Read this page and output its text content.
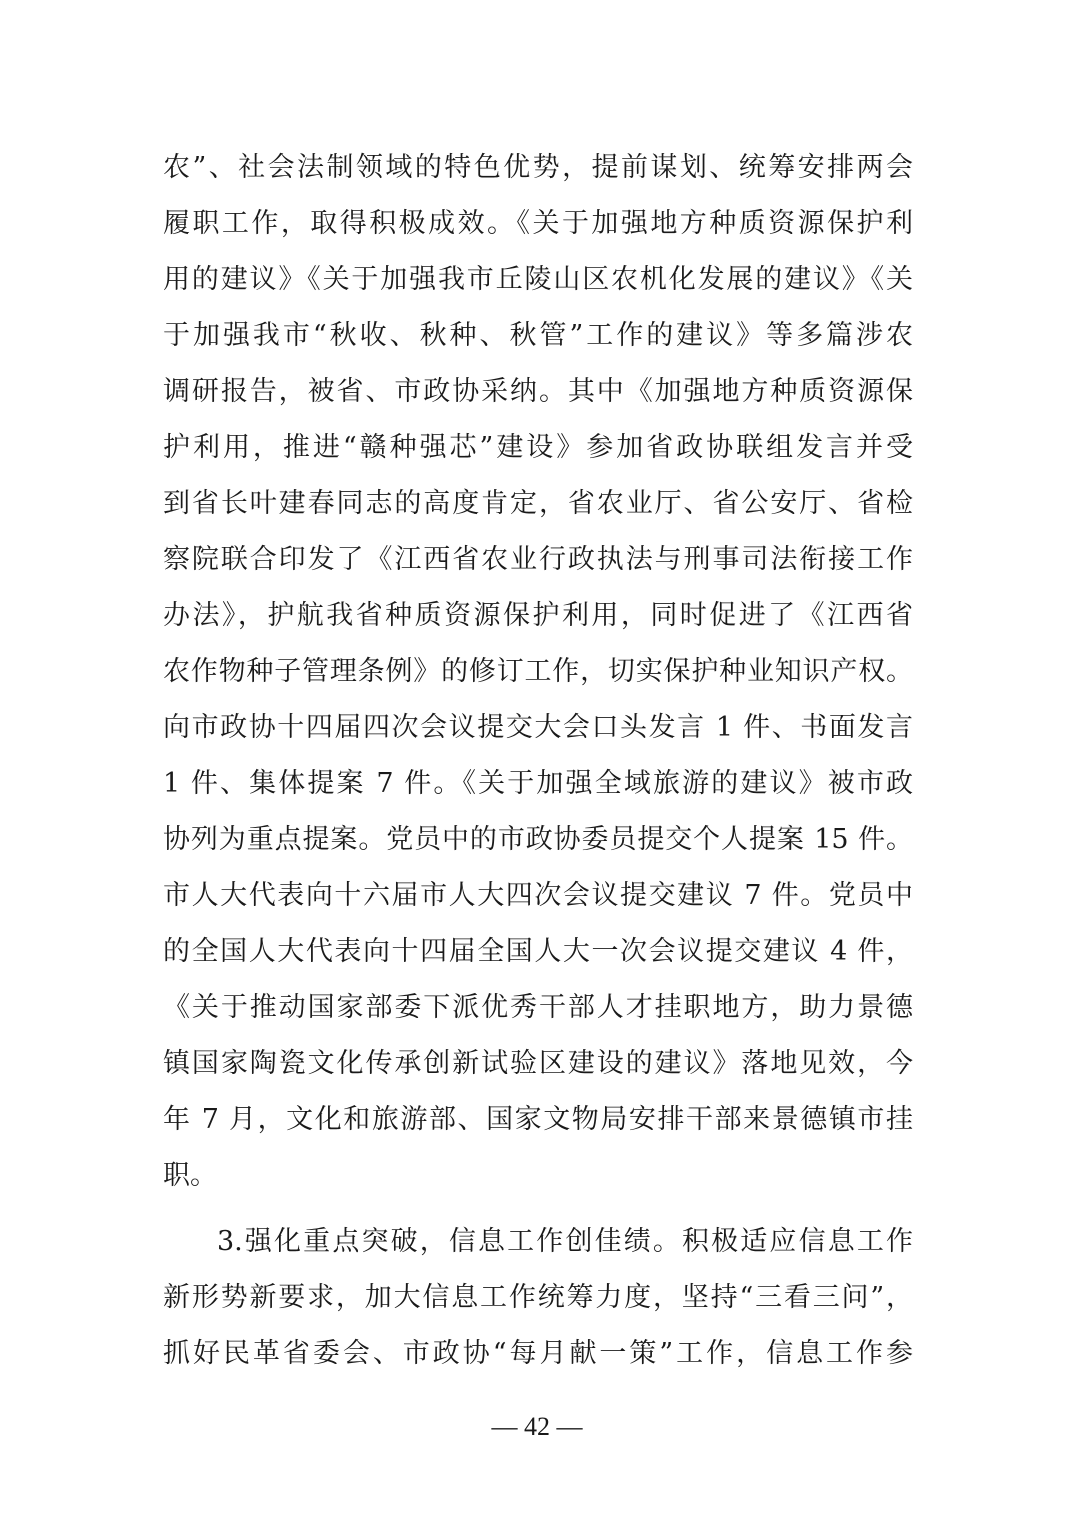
农”、社会法制领域的特色优势，提前谋划、统筹安排两会
履职工作，取得积极成效。《关于加强地方种质资源保护利
用的建议》《关于加强我市丘陵山区农机化发展的建议》《关
于加强我市“秋收、秋种、秋管”工作的建议》等多篇涉农
调研报告，被省、市政协采纳。其中《加强地方种质资源保
护利用，推进“赣种强芯”建设》参加省政协联组发言并受
到省长叶建春同志的高度肯定，省农业厅、省公安厅、省检
察院联合印发了《江西省农业行政执法与刑事司法衔接工作
办法》，护航我省种质资源保护利用，同时促进了《江西省
农作物种子管理条例》的修订工作，切实保护种业知识产权。
向市政协十四届四次会议提交大会口头发言 1 件、书面发言
1 件、集体提案 7 件。《关于加强全域旅游的建议》被市政
协列为重点提案。党员中的市政协委员提交个人提案 15 件。
市人大代表向十六届市人大四次会议提交建议 7 件。党员中
的全国人大代表向十四届全国人大一次会议提交建议 4 件，
《关于推动国家部委下派优秀干部人才挂职地方，助力景德
镇国家陶瓷文化传承创新试验区建设的建议》落地见效，今
年 7 月，文化和旅游部、国家文物局安排干部来景德镇市挂
职。
3.强化重点突破，信息工作创佳绩。积极适应信息工作
新形势新要求，加大信息工作统筹力度，坚持“三看三问”，
抓好民革省委会、市政协“每月献一策”工作，信息工作参
— 42 —
